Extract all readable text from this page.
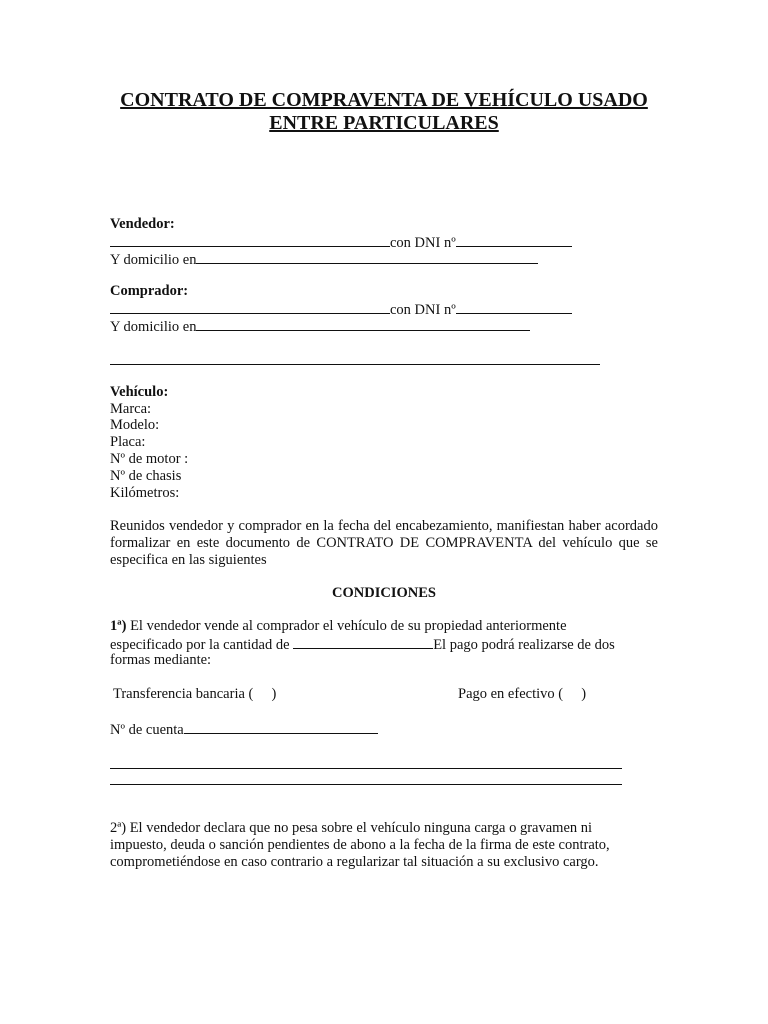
CONTRATO DE COMPRAVENTA DE VEHÍCULO USADO
ENTRE PARTICULARES
Vendedor:
con DNI nº
Y domicilio en
Comprador:
con DNI nº
Y domicilio en
Vehículo:
Marca:
Modelo:
Placa:
Nº de motor :
Nº de chasis
Kilómetros:
Reunidos vendedor y comprador en la fecha del encabezamiento, manifiestan haber acordado formalizar en este documento de CONTRATO DE COMPRAVENTA del vehículo que se especifica en las siguientes
CONDICIONES
1ª) El vendedor vende al comprador el vehículo de su propiedad anteriormente
especificado por la cantidad de	El pago podrá realizarse de dos
formas mediante:
Transferencia bancaria (     )	Pago en efectivo (     )
Nº de cuenta
2ª) El vendedor declara que no pesa sobre el vehículo ninguna carga o gravamen ni
impuesto, deuda o sanción pendientes de abono a la fecha de la firma de este contrato,
comprometiéndose en caso contrario a regularizar tal situación a su exclusivo cargo.
